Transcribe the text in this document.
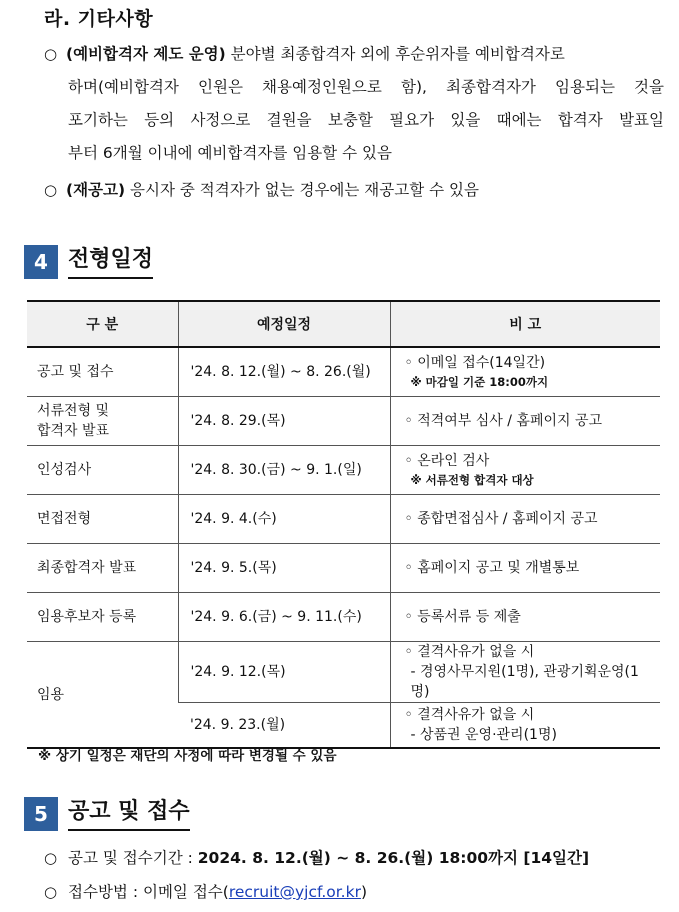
라. 기타사항
○ (예비합격자 제도 운영) 분야별 최종합격자 외에 후순위자를 예비합격자로
하며(예비합격자 인원은 채용예정인원으로 함), 최종합격자가 임용되는 것을
포기하는 등의 사정으로 결원을 보충할 필요가 있을 때에는 합격자 발표일
부터 6개월 이내에 예비합격자를 임용할 수 있음
○ (재공고) 응시자 중 적격자가 없는 경우에는 재공고할 수 있음
4 전형일정
구 분	예정일정	비 고
공고 및 접수	'24. 8. 12.(월) ~ 8. 26.(월)	◦ 이메일 접수(14일간)
※ 마감일 기준 18:00까지

서류전형 및
합격자 발표	'24. 8. 29.(목)	◦ 적격여부 심사 / 홈페이지 공고
인성검사	'24. 8. 30.(금) ~ 9. 1.(일)	◦ 온라인 검사
※ 서류전형 합격자 대상

면접전형	'24. 9. 4.(수)	◦ 종합면접심사 / 홈페이지 공고
최종합격자 발표	'24. 9. 5.(목)	◦ 홈페이지 공고 및 개별통보
임용후보자 등록	'24. 9. 6.(금) ~ 9. 11.(수)	◦ 등록서류 등 제출
임용	'24. 9. 12.(목)	◦ 결격사유가 없을 시
- 경영사무지원(1명), 관광기획운영(1명)

	'24. 9. 23.(월)	◦ 결격사유가 없을 시
- 상품권 운영·관리(1명)
※ 상기 일정은 재단의 사정에 따라 변경될 수 있음
5 공고 및 접수
○ 공고 및 접수기간 : 2024. 8. 12.(월) ~ 8. 26.(월) 18:00까지 [14일간]
○ 접수방법 : 이메일 접수(recruit@yjcf.or.kr)
